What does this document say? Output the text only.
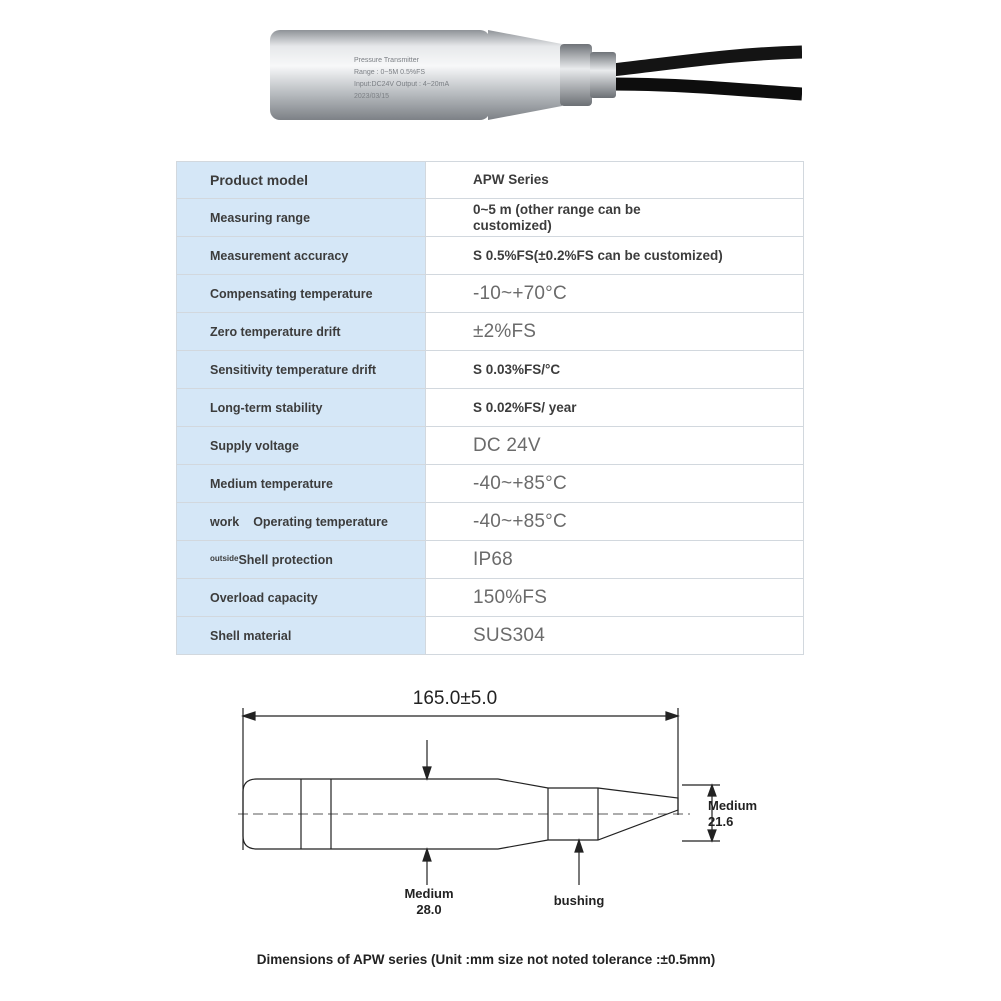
Pressure Transmitter
Range : 0~5M 0.5%FS
Input:DC24V Output : 4~20mA
2023/03/15
Product model	APW Series
Measuring range	0~5 m (other range can be
customized)

Measurement accuracy	S 0.5%FS(±0.2%FS can be customized)
Compensating temperature	-10~+70°C
Zero temperature drift	±2%FS
Sensitivity temperature drift	S 0.03%FS/°C
Long-term stability	S 0.02%FS/ year
Supply voltage	DC 24V
Medium temperature	-40~+85°C
work Operating temperature	-40~+85°C
$^{outside}$Shell protection	IP68
Overload capacity	150%FS
Shell material	SUS304
165.0±5.0
Medium
21.6
Medium
28.0
bushing
Dimensions of APW series (Unit :mm size not noted tolerance :±0.5mm)
